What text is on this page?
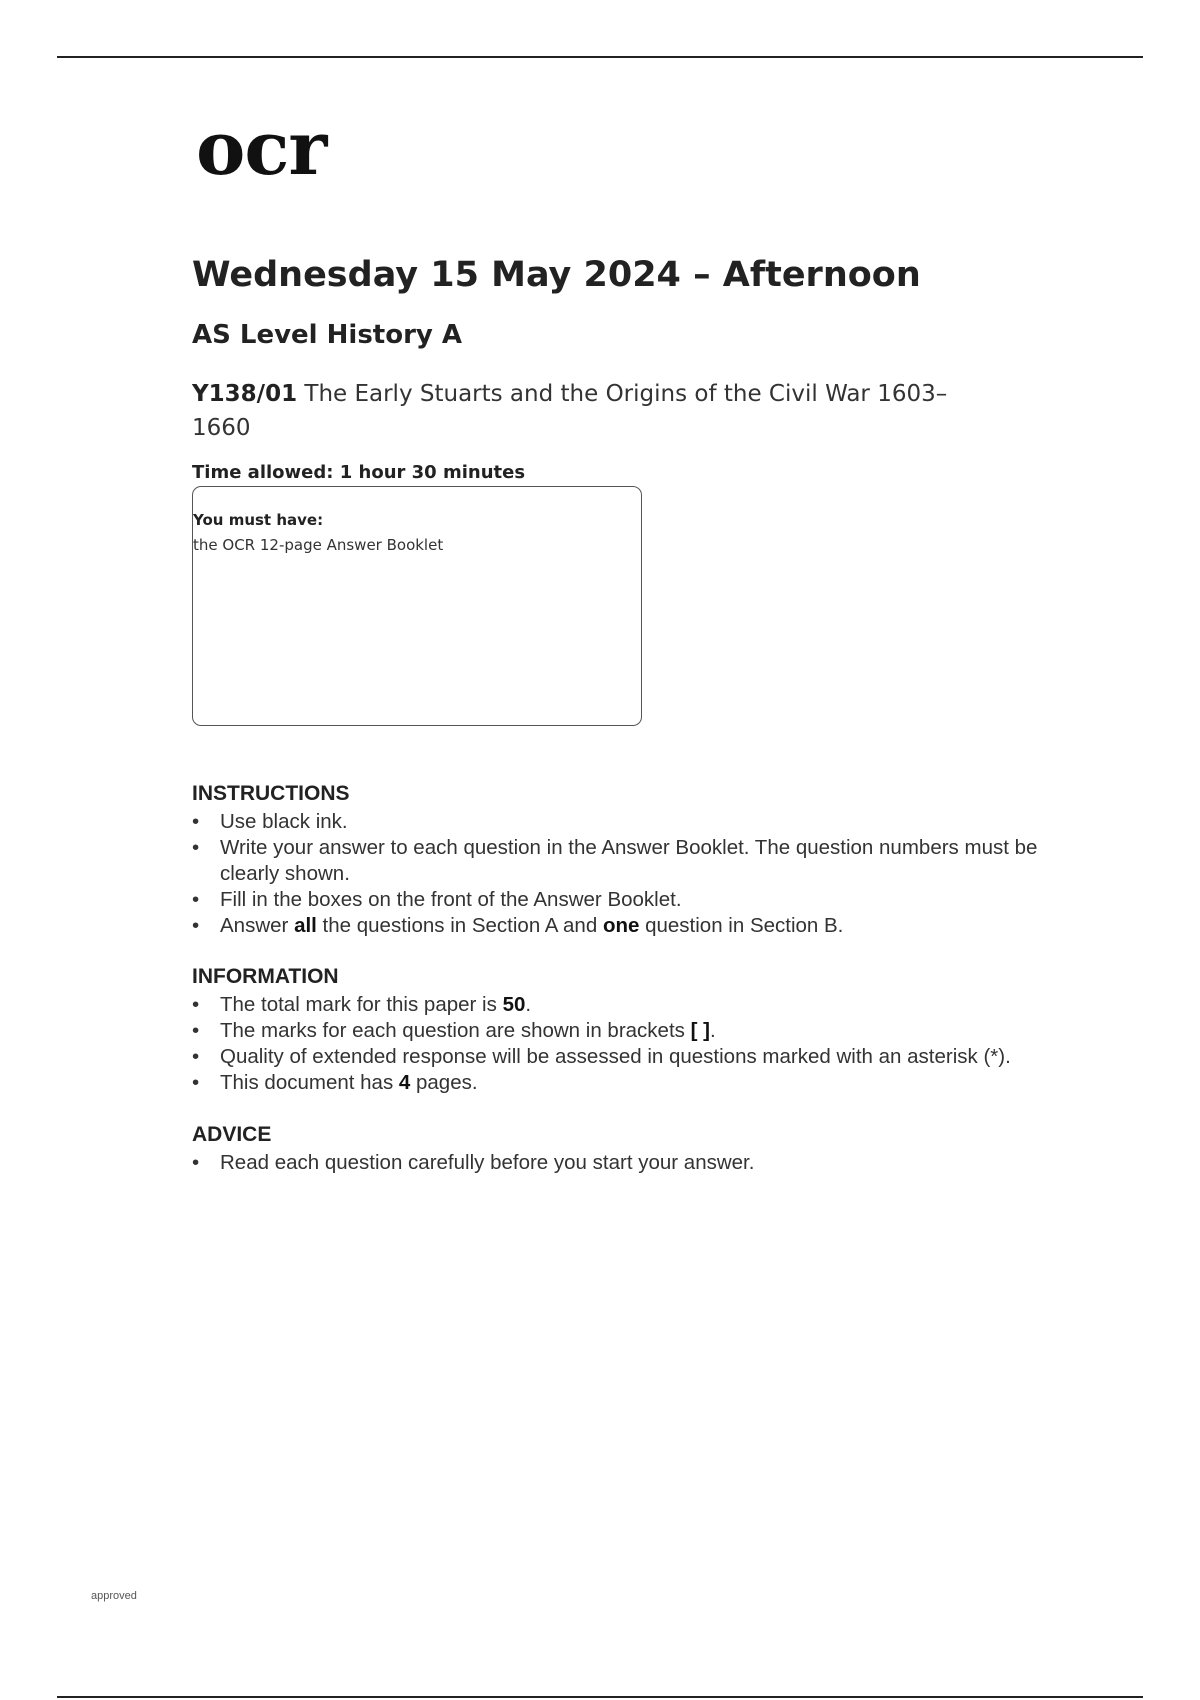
ocr
Wednesday 15 May 2024 – Afternoon
AS Level History A
Y138/01 The Early Stuarts and the Origins of the Civil War 1603–1660
Time allowed: 1 hour 30 minutes
You must have:
the OCR 12-page Answer Booklet
INSTRUCTIONS
• Use black ink.
• Write your answer to each question in the Answer Booklet. The question numbers must be clearly shown.
• Fill in the boxes on the front of the Answer Booklet.
• Answer all the questions in Section A and one question in Section B.
INFORMATION
• The total mark for this paper is 50.
• The marks for each question are shown in brackets [ ].
• Quality of extended response will be assessed in questions marked with an asterisk (*).
• This document has 4 pages.
ADVICE
• Read each question carefully before you start your answer.
approved
